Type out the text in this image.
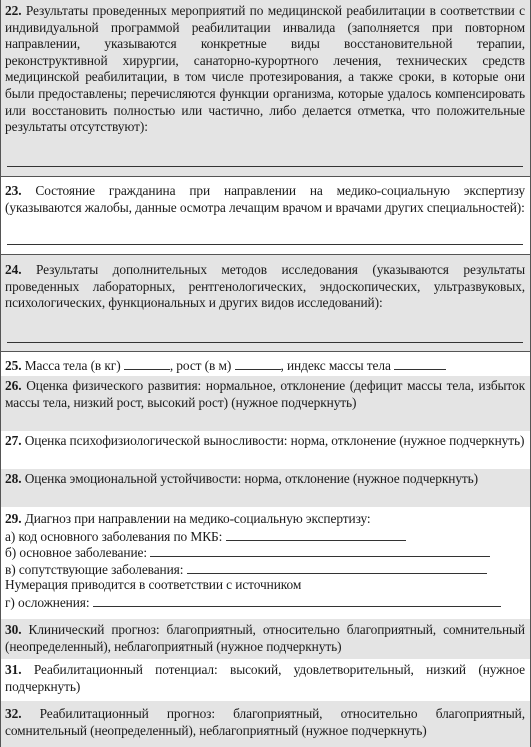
22. Результаты проведенных мероприятий по медицинской реабилитации в соответствии с индивидуальной программой реабилитации инвалида (заполняется при повторном направлении, указываются конкретные виды восстановительной терапии, реконструктивной хирургии, санаторно-курортного лечения, технических средств медицинской реабилитации, в том числе протезирования, а также сроки, в которые они были предоставлены; перечисляются функции организма, которые удалось компенсировать или восстановить полностью или частично, либо делается отметка, что положительные результаты отсутствуют):
23. Состояние гражданина при направлении на медико-социальную экспертизу (указываются жалобы, данные осмотра лечащим врачом и врачами других специальностей):
24. Результаты дополнительных методов исследования (указываются результаты проведенных лабораторных, рентгенологических, эндоскопических, ультразвуковых, психологических, функциональных и других видов исследований):
25. Масса тела (в кг)	, рост (в м)	, индекс массы тела
26. Оценка физического развития: нормальное, отклонение (дефицит массы тела, избыток массы тела, низкий рост, высокий рост) (нужное подчеркнуть)
27. Оценка психофизиологической выносливости: норма, отклонение (нужное подчеркнуть)
28. Оценка эмоциональной устойчивости: норма, отклонение (нужное подчеркнуть)
29. Диагноз при направлении на медико-социальную экспертизу:
а) код основного заболевания по МКБ:
б) основное заболевание:
в) сопутствующие заболевания:
Нумерация приводится в соответствии с источником
г) осложнения:
30. Клинический прогноз: благоприятный, относительно благоприятный, сомнительный (неопределенный), неблагоприятный (нужное подчеркнуть)
31. Реабилитационный потенциал: высокий, удовлетворительный, низкий (нужное подчеркнуть)
32. Реабилитационный прогноз: благоприятный, относительно благоприятный, сомнительный (неопределенный), неблагоприятный (нужное подчеркнуть)
